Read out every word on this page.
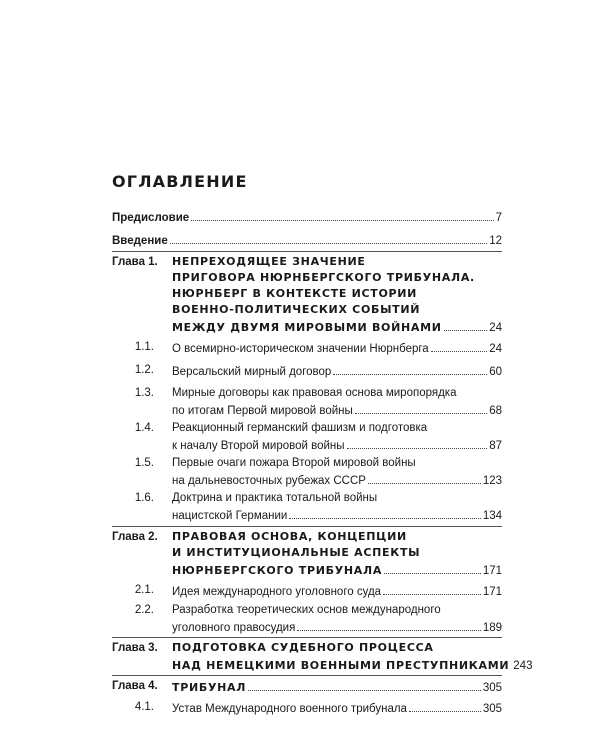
ОГЛАВЛЕНИЕ
Предисловие	7
Введение	12
Глава 1. НЕПРЕХОДЯЩЕЕ ЗНАЧЕНИЕ
ПРИГОВОРА НЮРНБЕРГСКОГО ТРИБУНАЛА.
НЮРНБЕРГ В КОНТЕКСТЕ ИСТОРИИ
ВОЕННО-ПОЛИТИЧЕСКИХ СОБЫТИЙ
МЕЖДУ ДВУМЯ МИРОВЫМИ ВОЙНАМИ	24
1.1. О всемирно-историческом значении Нюрнберга	24
1.2. Версальский мирный договор	60
1.3. Мирные договоры как правовая основа миропорядка
по итогам Первой мировой войны	68
1.4. Реакционный германский фашизм и подготовка
к началу Второй мировой войны	87
1.5. Первые очаги пожара Второй мировой войны
на дальневосточных рубежах СССР	123
1.6. Доктрина и практика тотальной войны
нацистской Германии	134
Глава 2. ПРАВОВАЯ ОСНОВА, КОНЦЕПЦИИ
И ИНСТИТУЦИОНАЛЬНЫЕ АСПЕКТЫ
НЮРНБЕРГСКОГО ТРИБУНАЛА	171
2.1. Идея международного уголовного суда	171
2.2. Разработка теоретических основ международного
уголовного правосудия	189
Глава 3. ПОДГОТОВКА СУДЕБНОГО ПРОЦЕССА
НАД НЕМЕЦКИМИ ВОЕННЫМИ ПРЕСТУПНИКАМИ 243
Глава 4. ТРИБУНАЛ	305
4.1. Устав Международного военного трибунала	305
